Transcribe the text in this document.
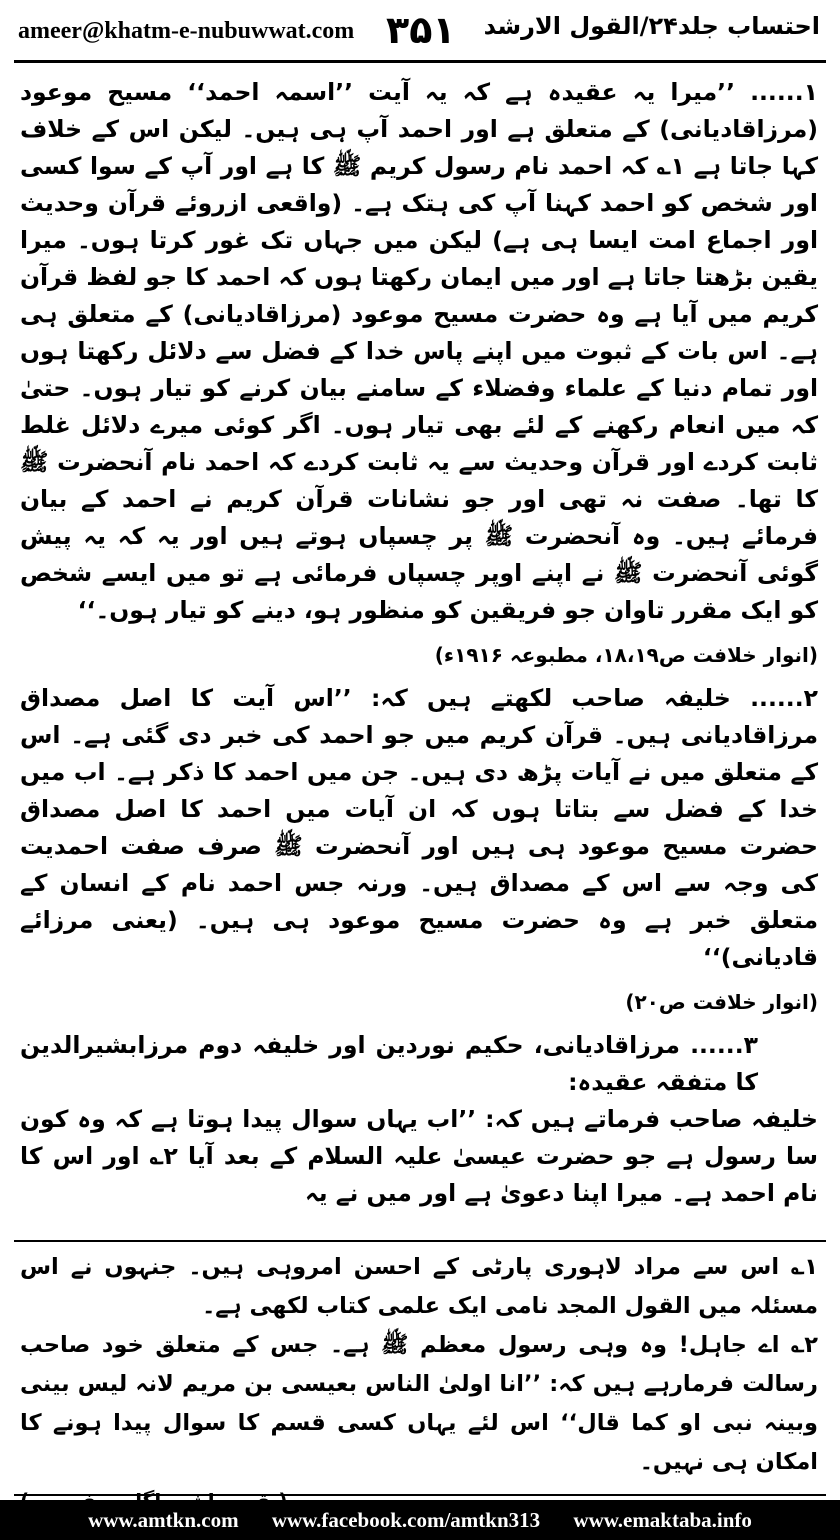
ameer@khatm-e-nubuwwat.com ۳۵۱ احتساب جلد۲۴/القول الارشد

۱...... ’’میرا یہ عقیدہ ہے کہ یہ آیت ’’اسمہ احمد‘‘ مسیح موعود (مرزاقادیانی) کے متعلق ہے اور احمد آپ ہی ہیں۔ لیکن اس کے خلاف کہا جاتا ہے ۱؎ کہ احمد نام رسول کریم ﷺ کا ہے اور آپ کے سوا کسی اور شخص کو احمد کہنا آپ کی ہتک ہے۔ (واقعی ازروئے قرآن وحدیث اور اجماع امت ایسا ہی ہے) لیکن میں جہاں تک غور کرتا ہوں۔ میرا یقین بڑھتا جاتا ہے اور میں ایمان رکھتا ہوں کہ احمد کا جو لفظ قرآن کریم میں آیا ہے وہ حضرت مسیح موعود (مرزاقادیانی) کے متعلق ہی ہے۔ اس بات کے ثبوت میں اپنے پاس خدا کے فضل سے دلائل رکھتا ہوں اور تمام دنیا کے علماء وفضلاء کے سامنے بیان کرنے کو تیار ہوں۔ حتیٰ کہ میں انعام رکھنے کے لئے بھی تیار ہوں۔ اگر کوئی میرے دلائل غلط ثابت کردے اور قرآن وحدیث سے یہ ثابت کردے کہ احمد نام آنحضرت ﷺ کا تھا۔ صفت نہ تھی اور جو نشانات قرآن کریم نے احمد کے بیان فرمائے ہیں۔ وہ آنحضرت ﷺ پر چسپاں ہوتے ہیں اور یہ کہ یہ پیش گوئی آنحضرت ﷺ نے اپنے اوپر چسپاں فرمائی ہے تو میں ایسے شخص کو ایک مقرر تاوان جو فریقین کو منظور ہو، دینے کو تیار ہوں۔‘‘

(انوار خلافت ص۱۸،۱۹، مطبوعہ ۱۹۱۶ء)

۲...... خلیفہ صاحب لکھتے ہیں کہ: ’’اس آیت کا اصل مصداق مرزاقادیانی ہیں۔ قرآن کریم میں جو احمد کی خبر دی گئی ہے۔ اس کے متعلق میں نے آیات پڑھ دی ہیں۔ جن میں احمد کا ذکر ہے۔ اب میں خدا کے فضل سے بتاتا ہوں کہ ان آیات میں احمد کا اصل مصداق حضرت مسیح موعود ہی ہیں اور آنحضرت ﷺ صرف صفت احمدیت کی وجہ سے اس کے مصداق ہیں۔ ورنہ جس احمد نام کے انسان کے متعلق خبر ہے وہ حضرت مسیح موعود ہی ہیں۔ (یعنی مرزائے قادیانی)‘‘

(انوار خلافت ص۲۰)

۳...... مرزاقادیانی، حکیم نوردین اور خلیفہ دوم مرزابشیرالدین کا متفقہ عقیدہ:

خلیفہ صاحب فرماتے ہیں کہ: ’’اب یہاں سوال پیدا ہوتا ہے کہ وہ کون سا رسول ہے جو حضرت عیسیٰ علیہ السلام کے بعد آیا ۲؎ اور اس کا نام احمد ہے۔ میرا اپنا دعویٰ ہے اور میں نے یہ

۱؎ اس سے مراد لاہوری پارٹی کے احسن امروہی ہیں۔ جنہوں نے اس مسئلہ میں القول المجد نامی ایک علمی کتاب لکھی ہے۔

۲؎ اے جاہل! وہ وہی رسول معظم ﷺ ہے۔ جس کے متعلق خود صاحب رسالت فرمارہے ہیں کہ: ’’انا اولیٰ الناس بعیسی بن مریم لانہ لیس بینی وبینہ نبی او کما قال‘‘ اس لئے یہاں کسی قسم کا سوال پیدا ہونے کا امکان ہی نہیں۔

www.amtkn.com www.facebook.com/amtkn313 www.emaktaba.info
